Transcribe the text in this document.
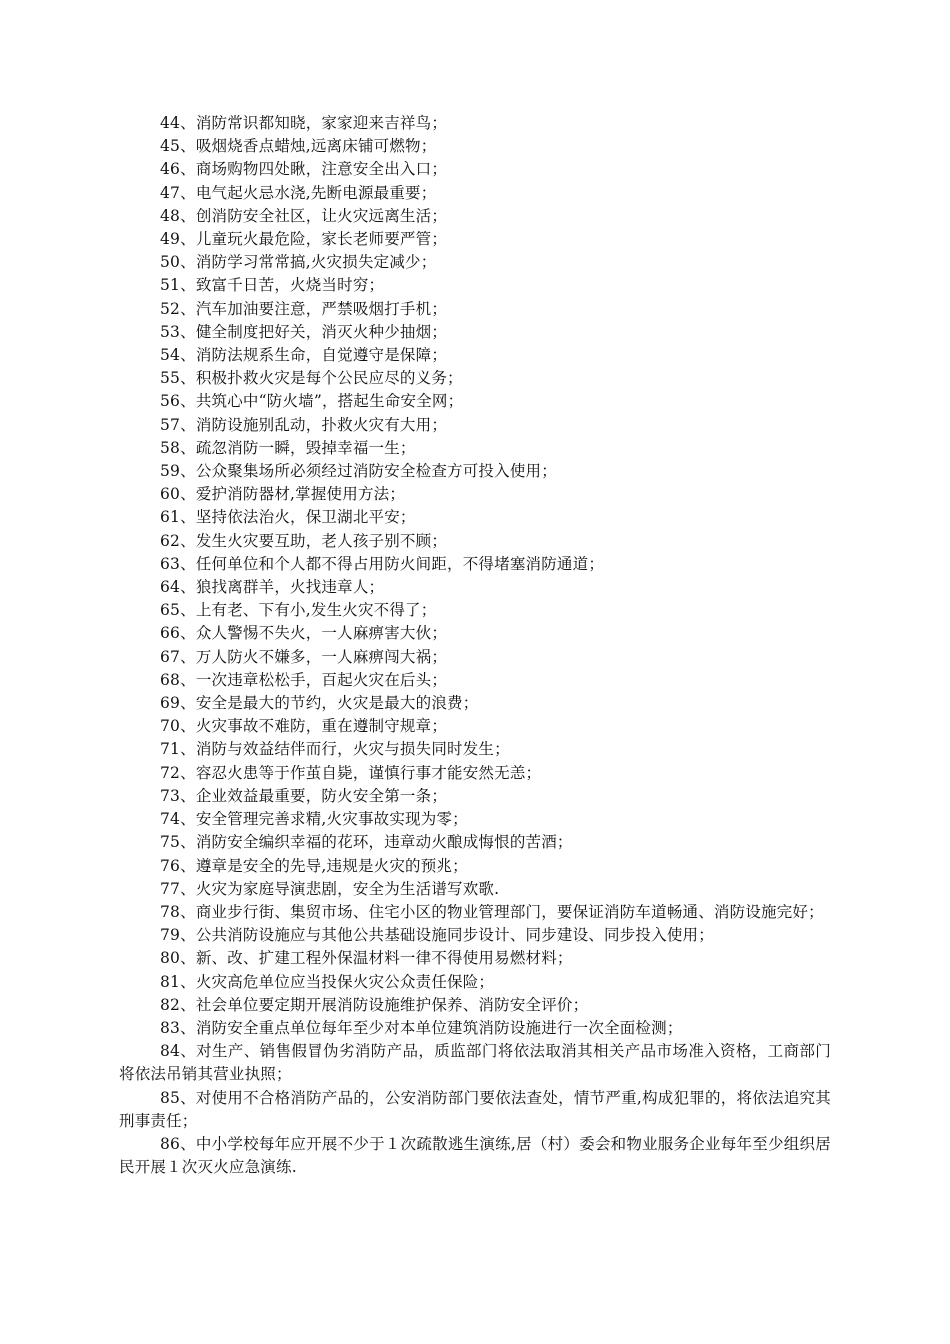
44、消防常识都知晓，家家迎来吉祥鸟；

45、吸烟烧香点蜡烛,远离床铺可燃物；

46、商场购物四处瞅，注意安全出入口；

47、电气起火忌水浇,先断电源最重要；

48、创消防安全社区，让火灾远离生活；

49、儿童玩火最危险，家长老师要严管；

50、消防学习常常搞,火灾损失定减少；

51、致富千日苦，火烧当时穷；

52、汽车加油要注意，严禁吸烟打手机；

53、健全制度把好关，消灭火种少抽烟；

54、消防法规系生命，自觉遵守是保障；

55、积极扑救火灾是每个公民应尽的义务；

56、共筑心中“防火墙”，搭起生命安全网；

57、消防设施别乱动，扑救火灾有大用；

58、疏忽消防一瞬，毁掉幸福一生；

59、公众聚集场所必须经过消防安全检查方可投入使用；

60、爱护消防器材,掌握使用方法；

61、坚持依法治火，保卫湖北平安；

62、发生火灾要互助，老人孩子别不顾；

63、任何单位和个人都不得占用防火间距，不得堵塞消防通道；

64、狼找离群羊，火找违章人；

65、上有老、下有小,发生火灾不得了；

66、众人警惕不失火，一人麻痹害大伙；

67、万人防火不嫌多，一人麻痹闯大祸；

68、一次违章松松手，百起火灾在后头；

69、安全是最大的节约，火灾是最大的浪费；

70、火灾事故不难防，重在遵制守规章；

71、消防与效益结伴而行，火灾与损失同时发生；

72、容忍火患等于作茧自毙，谨慎行事才能安然无恙；

73、企业效益最重要，防火安全第一条；

74、安全管理完善求精,火灾事故实现为零；

75、消防安全编织幸福的花环，违章动火酿成悔恨的苦酒；

76、遵章是安全的先导,违规是火灾的预兆；

77、火灾为家庭导演悲剧，安全为生活谱写欢歌.

78、商业步行街、集贸市场、住宅小区的物业管理部门，要保证消防车道畅通、消防设施完好；

79、公共消防设施应与其他公共基础设施同步设计、同步建设、同步投入使用；

80、新、改、扩建工程外保温材料一律不得使用易燃材料；

81、火灾高危单位应当投保火灾公众责任保险；

82、社会单位要定期开展消防设施维护保养、消防安全评价；

83、消防安全重点单位每年至少对本单位建筑消防设施进行一次全面检测；

84、对生产、销售假冒伪劣消防产品，质监部门将依法取消其相关产品市场准入资格，工商部门将依法吊销其营业执照；

85、对使用不合格消防产品的，公安消防部门要依法查处，情节严重,构成犯罪的，将依法追究其刑事责任；

86、中小学校每年应开展不少于１次疏散逃生演练,居（村）委会和物业服务企业每年至少组织居民开展１次灭火应急演练.
